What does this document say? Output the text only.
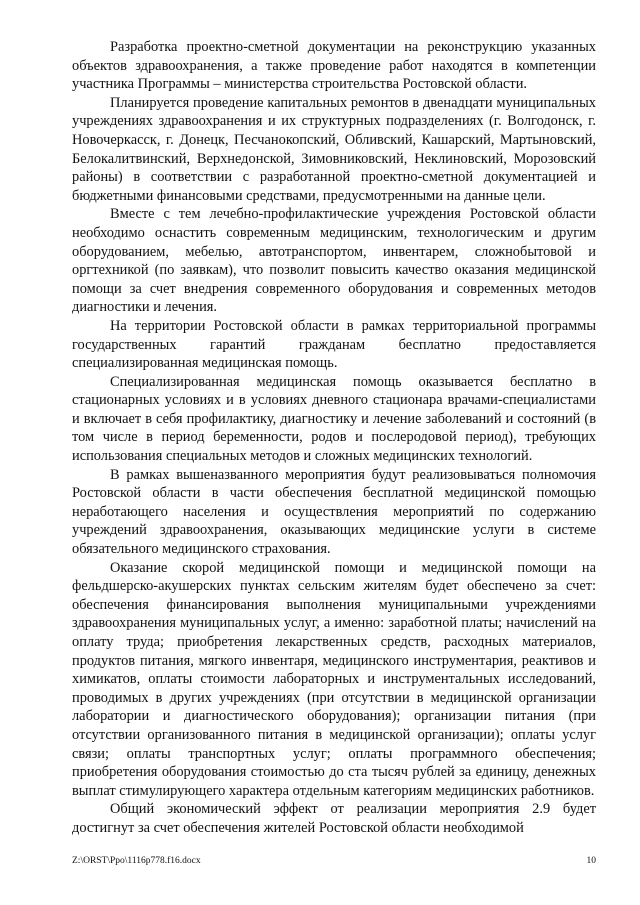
Разработка проектно-сметной документации на реконструкцию указанных объектов здравоохранения, а также проведение работ находятся в компетенции участника Программы – министерства строительства Ростовской области.

Планируется проведение капитальных ремонтов в двенадцати муниципальных учреждениях здравоохранения и их структурных подразделениях (г. Волгодонск, г. Новочеркасск, г. Донецк, Песчанокопский, Обливский, Кашарский, Мартыновский, Белокалитвинский, Верхнедонской, Зимовниковский, Неклиновский, Морозовский районы) в соответствии с разработанной проектно-сметной документацией и бюджетными финансовыми средствами, предусмотренными на данные цели.

Вместе с тем лечебно-профилактические учреждения Ростовской области необходимо оснастить современным медицинским, технологическим и другим оборудованием, мебелью, автотранспортом, инвентарем, сложнобытовой и оргтехникой (по заявкам), что позволит повысить качество оказания медицинской помощи за счет внедрения современного оборудования и современных методов диагностики и лечения.

На территории Ростовской области в рамках территориальной программы государственных гарантий гражданам бесплатно предоставляется специализированная медицинская помощь.

Специализированная медицинская помощь оказывается бесплатно в стационарных условиях и в условиях дневного стационара врачами-специалистами и включает в себя профилактику, диагностику и лечение заболеваний и состояний (в том числе в период беременности, родов и послеродовой период), требующих использования специальных методов и сложных медицинских технологий.

В рамках вышеназванного мероприятия будут реализовываться полномочия Ростовской области в части обеспечения бесплатной медицинской помощью неработающего населения и осуществления мероприятий по содержанию учреждений здравоохранения, оказывающих медицинские услуги в системе обязательного медицинского страхования.

Оказание скорой медицинской помощи и медицинской помощи на фельдшерско-акушерских пунктах сельским жителям будет обеспечено за счет: обеспечения финансирования выполнения муниципальными учреждениями здравоохранения муниципальных услуг, а именно: заработной платы; начислений на оплату труда; приобретения лекарственных средств, расходных материалов, продуктов питания, мягкого инвентаря, медицинского инструментария, реактивов и химикатов, оплаты стоимости лабораторных и инструментальных исследований, проводимых в других учреждениях (при отсутствии в медицинской организации лаборатории и диагностического оборудования); организации питания (при отсутствии организованного питания в медицинской организации); оплаты услуг связи; оплаты транспортных услуг; оплаты программного обеспечения; приобретения оборудования стоимостью до ста тысяч рублей за единицу, денежных выплат стимулирующего характера отдельным категориям медицинских работников.

Общий экономический эффект от реализации мероприятия 2.9 будет достигнут за счет обеспечения жителей Ростовской области необходимой

Z:\ORST\Ppo\1116p778.f16.docx	10
